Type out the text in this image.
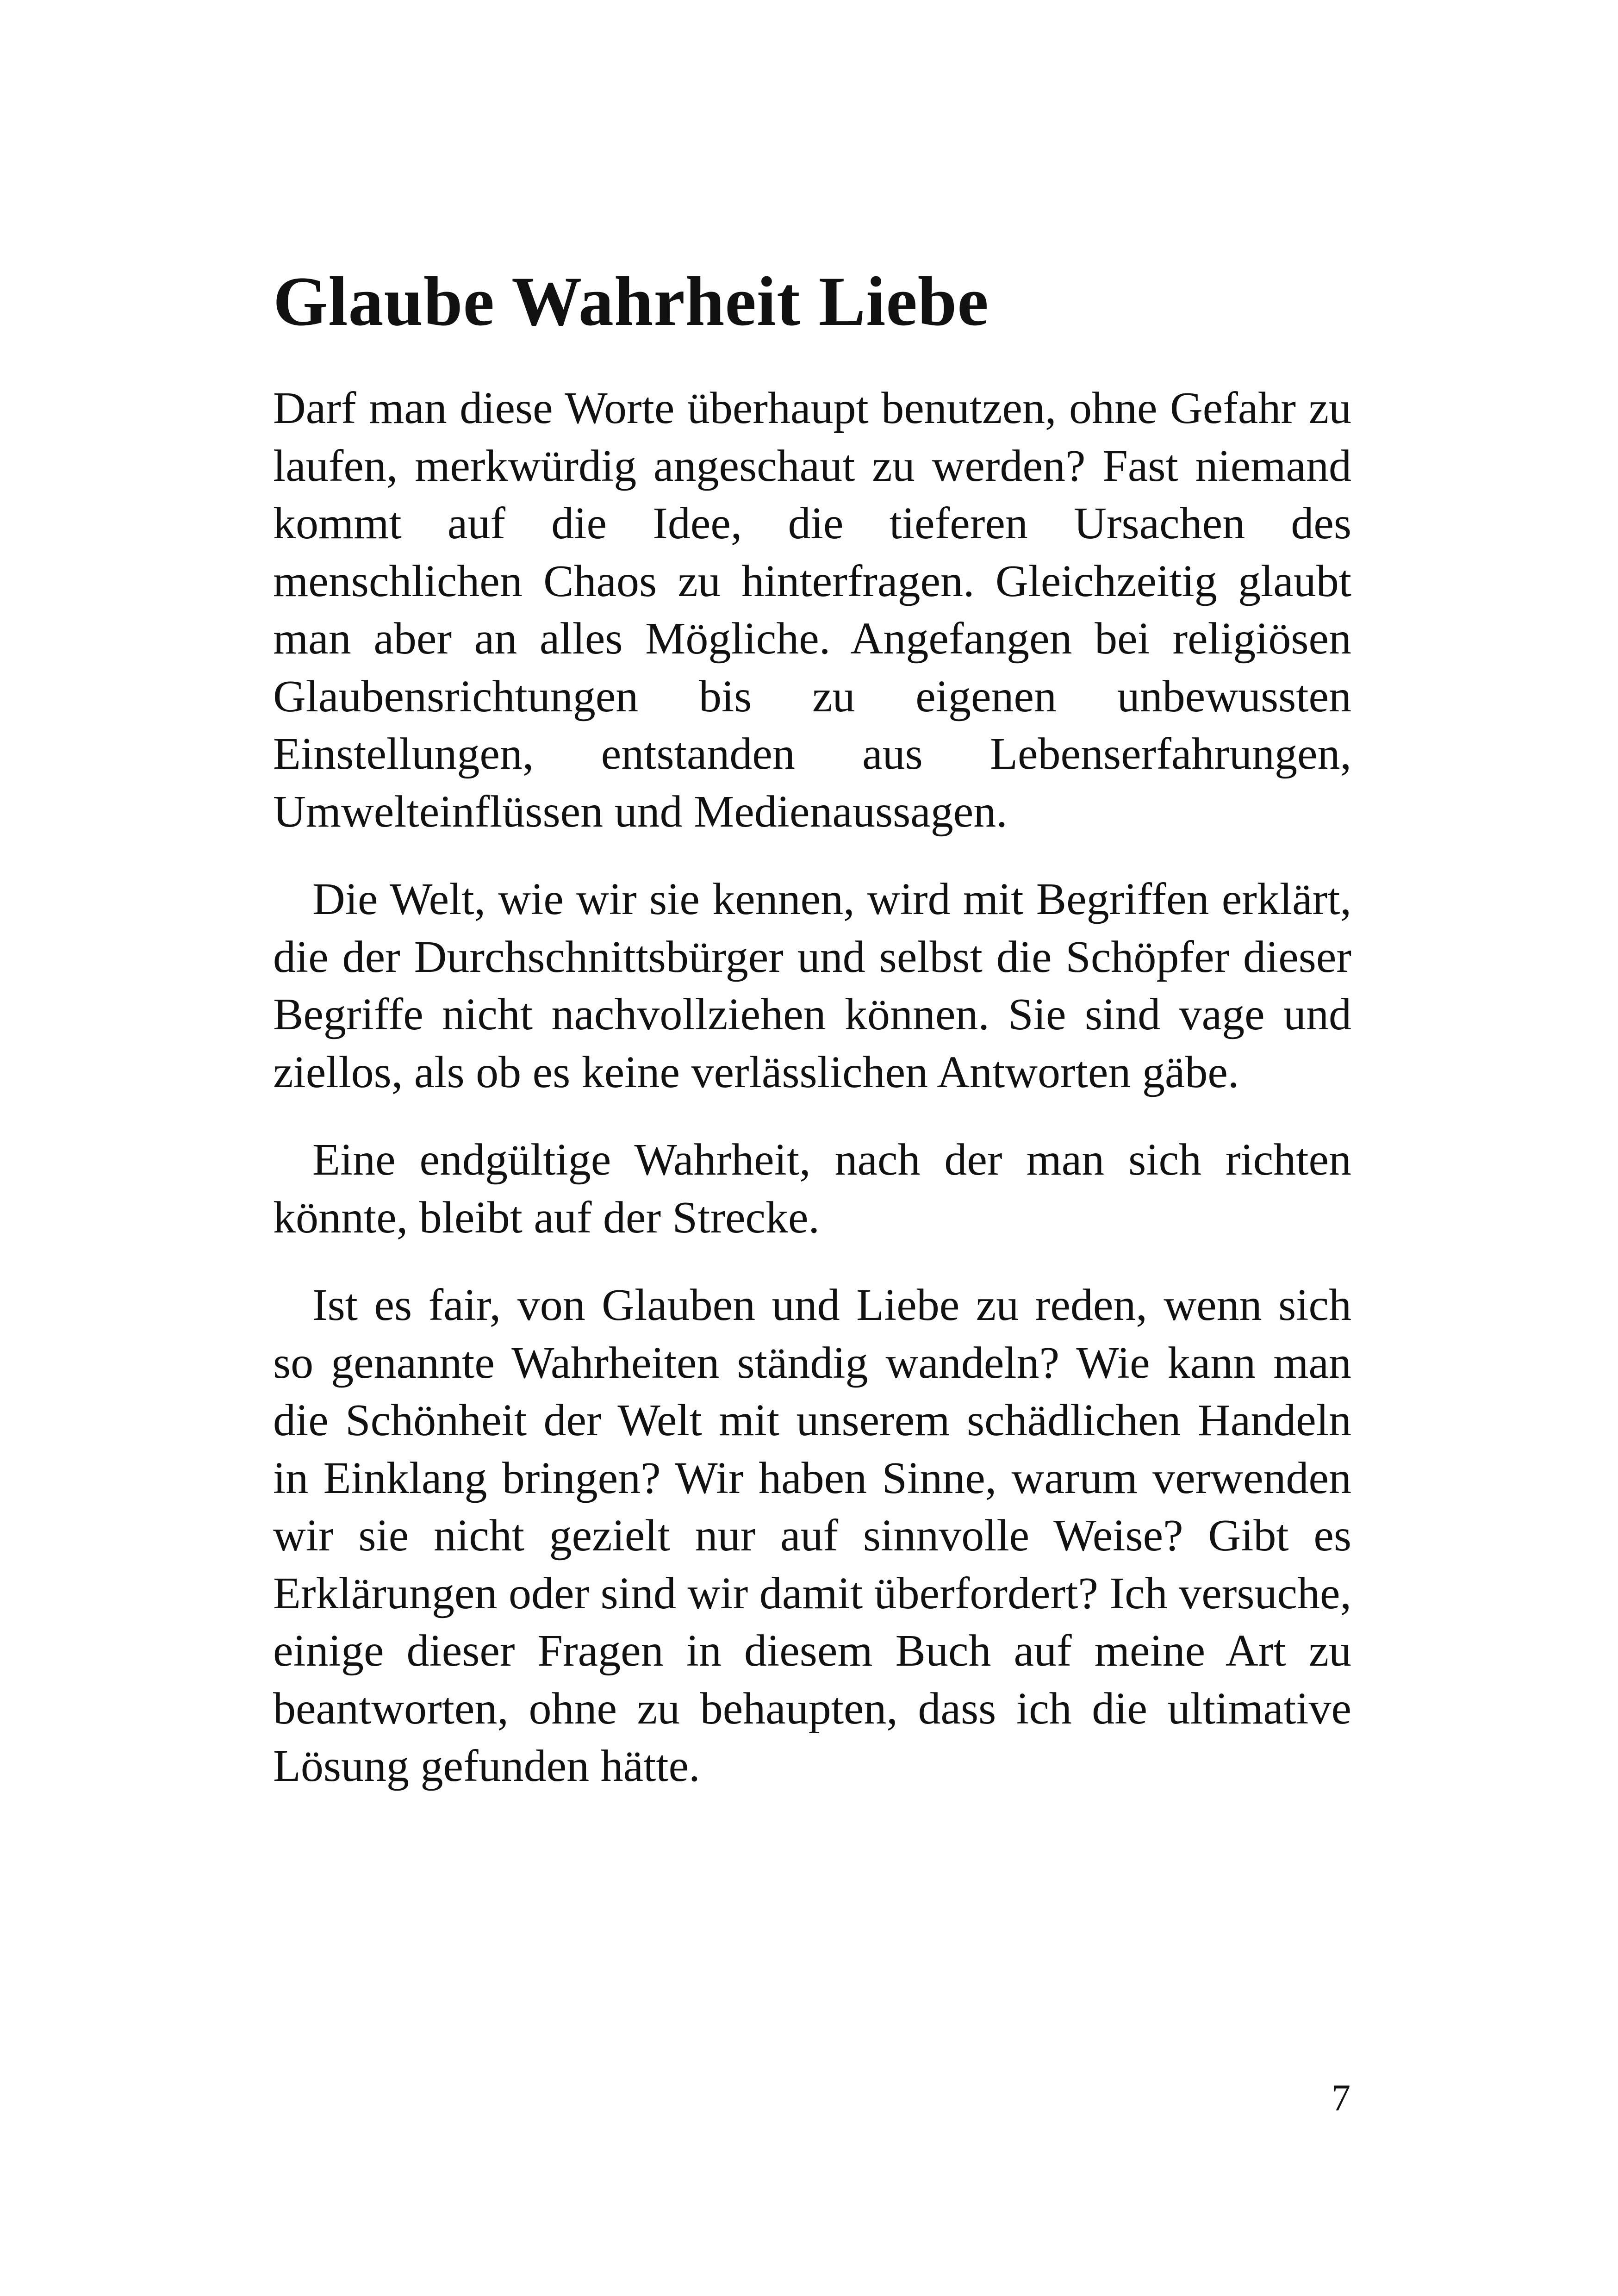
Glaube Wahrheit Liebe

Darf man diese Worte überhaupt benutzen, ohne Gefahr zu laufen, merkwürdig angeschaut zu werden? Fast niemand kommt auf die Idee, die tieferen Ursachen des menschlichen Chaos zu hinterfragen. Gleichzeitig glaubt man aber an alles Mögliche. Angefangen bei religiösen Glaubensrichtungen bis zu eigenen unbewussten Einstellungen, entstanden aus Lebenserfahrungen, Umwelteinflüssen und Medienaussagen.

Die Welt, wie wir sie kennen, wird mit Begriffen erklärt, die der Durchschnittsbürger und selbst die Schöpfer dieser Begriffe nicht nachvollziehen können. Sie sind vage und ziellos, als ob es keine verlässlichen Antworten gäbe.

Eine endgültige Wahrheit, nach der man sich richten könnte, bleibt auf der Strecke.

Ist es fair, von Glauben und Liebe zu reden, wenn sich so genannte Wahrheiten ständig wandeln? Wie kann man die Schönheit der Welt mit unserem schädlichen Handeln in Einklang bringen? Wir haben Sinne, warum verwenden wir sie nicht gezielt nur auf sinnvolle Weise? Gibt es Erklärungen oder sind wir damit überfordert? Ich versuche, einige dieser Fragen in diesem Buch auf meine Art zu beantworten, ohne zu behaupten, dass ich die ultimative Lösung gefunden hätte.

7
